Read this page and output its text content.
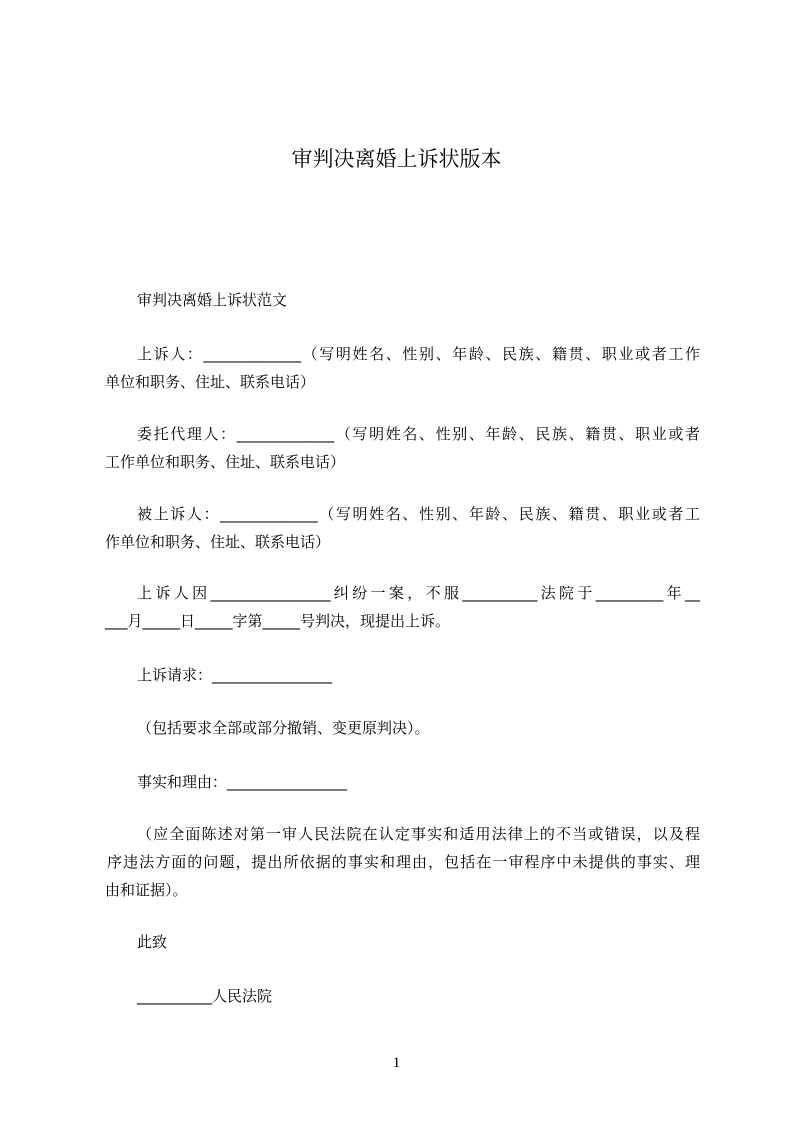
审判决离婚上诉状版本
审判决离婚上诉状范文
上诉人：_____________（写明姓名、性别、年龄、民族、籍贯、职业或者工作
单位和职务、住址、联系电话）
委托代理人：_____________（写明姓名、性别、年龄、民族、籍贯、职业或者
工作单位和职务、住址、联系电话）
被上诉人：_____________（写明姓名、性别、年龄、民族、籍贯、职业或者工
作单位和职务、住址、联系电话）
上诉人因________________纠纷一案，不服__________法院于_________年__
___月_____日_____字第_____号判决，现提出上诉。
上诉请求：________________
（包括要求全部或部分撤销、变更原判决）。
事实和理由：________________
（应全面陈述对第一审人民法院在认定事实和适用法律上的不当或错误，以及程
序违法方面的问题，提出所依据的事实和理由，包括在一审程序中未提供的事实、理
由和证据）。
此致
__________人民法院
1
